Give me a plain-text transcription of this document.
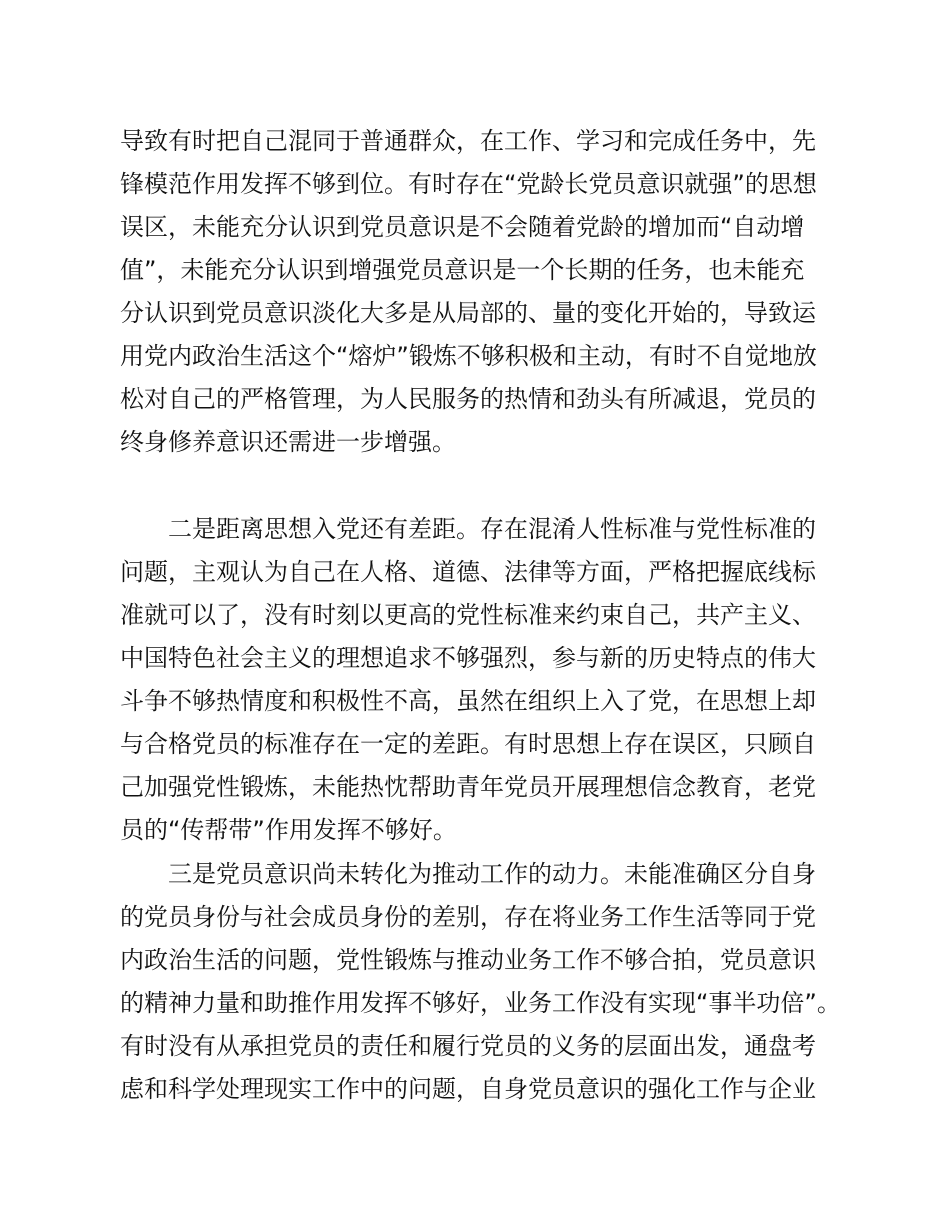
导致有时把自己混同于普通群众，在工作、学习和完成任务中，先
锋模范作用发挥不够到位。有时存在“党龄长党员意识就强”的思想
误区，未能充分认识到党员意识是不会随着党龄的增加而“自动增
值”，未能充分认识到增强党员意识是一个长期的任务，也未能充
分认识到党员意识淡化大多是从局部的、量的变化开始的，导致运
用党内政治生活这个“熔炉”锻炼不够积极和主动，有时不自觉地放
松对自己的严格管理，为人民服务的热情和劲头有所减退，党员的
终身修养意识还需进一步增强。
二是距离思想入党还有差距。存在混淆人性标准与党性标准的
问题，主观认为自己在人格、道德、法律等方面，严格把握底线标
准就可以了，没有时刻以更高的党性标准来约束自己，共产主义、
中国特色社会主义的理想追求不够强烈，参与新的历史特点的伟大
斗争不够热情度和积极性不高，虽然在组织上入了党，在思想上却
与合格党员的标准存在一定的差距。有时思想上存在误区，只顾自
己加强党性锻炼，未能热忱帮助青年党员开展理想信念教育，老党
员的“传帮带”作用发挥不够好。
三是党员意识尚未转化为推动工作的动力。未能准确区分自身
的党员身份与社会成员身份的差别，存在将业务工作生活等同于党
内政治生活的问题，党性锻炼与推动业务工作不够合拍，党员意识
的精神力量和助推作用发挥不够好，业务工作没有实现“事半功倍”。
有时没有从承担党员的责任和履行党员的义务的层面出发，通盘考
虑和科学处理现实工作中的问题，自身党员意识的强化工作与企业
